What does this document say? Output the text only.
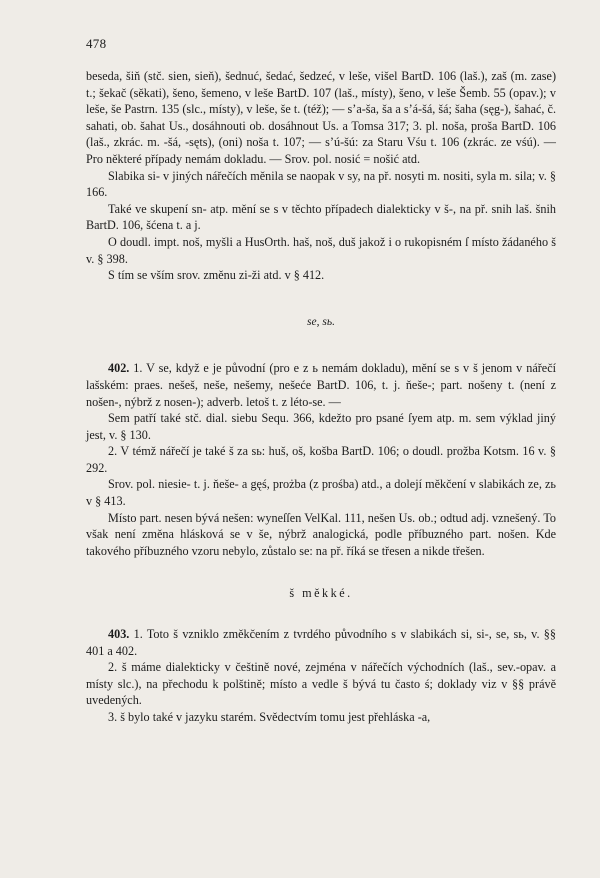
478

beseda, šiň (stč. sien, sieň), šednuć, šedać, šedzeć, v leše, višel BartD. 106 (laš.), zaš (m. zase) t.; šekač (sěkati), šeno, šemeno, v leše BartD. 107 (laš., místy), šeno, v leše Šemb. 55 (opav.); v leše, še Pastrn. 135 (slc., místy), v leše, še t. (též); — sʼa-ša, ša a sʼá-šá, šá; šaha (sęg-), šahać, č. sahati, ob. šahat Us., dosáhnouti ob. dosáhnout Us. a Tomsa 317; 3. pl. noša, proša BartD. 106 (laš., zkrác. m. -šá, -sęts), (oni) noša t. 107; — sʼú-šú: za Staru Vśu t. 106 (zkrác. ze vśú). — Pro některé případy nemám dokladu. — Srov. pol. nosić = nošić atd.

Slabika si- v jiných nářečích měnila se naopak v sy, na př. nosyti m. nositi, syla m. sila; v. § 166.

Také ve skupení sn- atp. mění se s v těchto případech dialekticky v š-, na př. snih laš. šnih BartD. 106, šćena t. a j.

O doudl. impt. noš, myšli a HusOrth. haš, noš, duš jakož i o rukopisném ſ místo žádaného š v. § 398.

S tím se vším srov. změnu zi-ži atd. v § 412.

se, sь.

402. 1. V se, když e je původní (pro e z ь nemám dokladu), mění se s v š jenom v nářečí lašském: praes. nešeš, neše, nešemy, nešeće BartD. 106, t. j. ňeše-; part. nošeny t. (není z nošen-, nýbrž z nosen-); adverb. letoš t. z léto-se. —

Sem patří také stč. dial. siebu Sequ. 366, kdežto pro psané ſyem atp. m. sem výklad jiný jest, v. § 130.

2. V témž nářečí je také š za sь: huš, oš, košba BartD. 106; o doudl. prožba Kotsm. 16 v. § 292.

Srov. pol. niesie- t. j. ňeše- a gęś, prożba (z prośba) atd., a dolejí měkčení v slabikách ze, zь v § 413.

Místo part. nesen bývá nešen: wyneſſen VelKal. 111, nešen Us. ob.; odtud adj. vznešený. To však není změna hlásková se v še, nýbrž analogická, podle příbuzného part. nošen. Kde takového příbuzného vzoru nebylo, zůstalo se: na př. říká se třesen a nikde třešen.

š měkké.

403. 1. Toto š vzniklo změkčením z tvrdého původního s v slabikách si, si-, se, sь, v. §§ 401 a 402.

2. š máme dialekticky v češtině nové, zejména v nářečích východních (laš., sev.-opav. a místy slc.), na přechodu k polštině; místo a vedle š bývá tu často ś; doklady viz v §§ právě uvedených.

3. š bylo také v jazyku starém. Svědectvím tomu jest přehláska -a,
